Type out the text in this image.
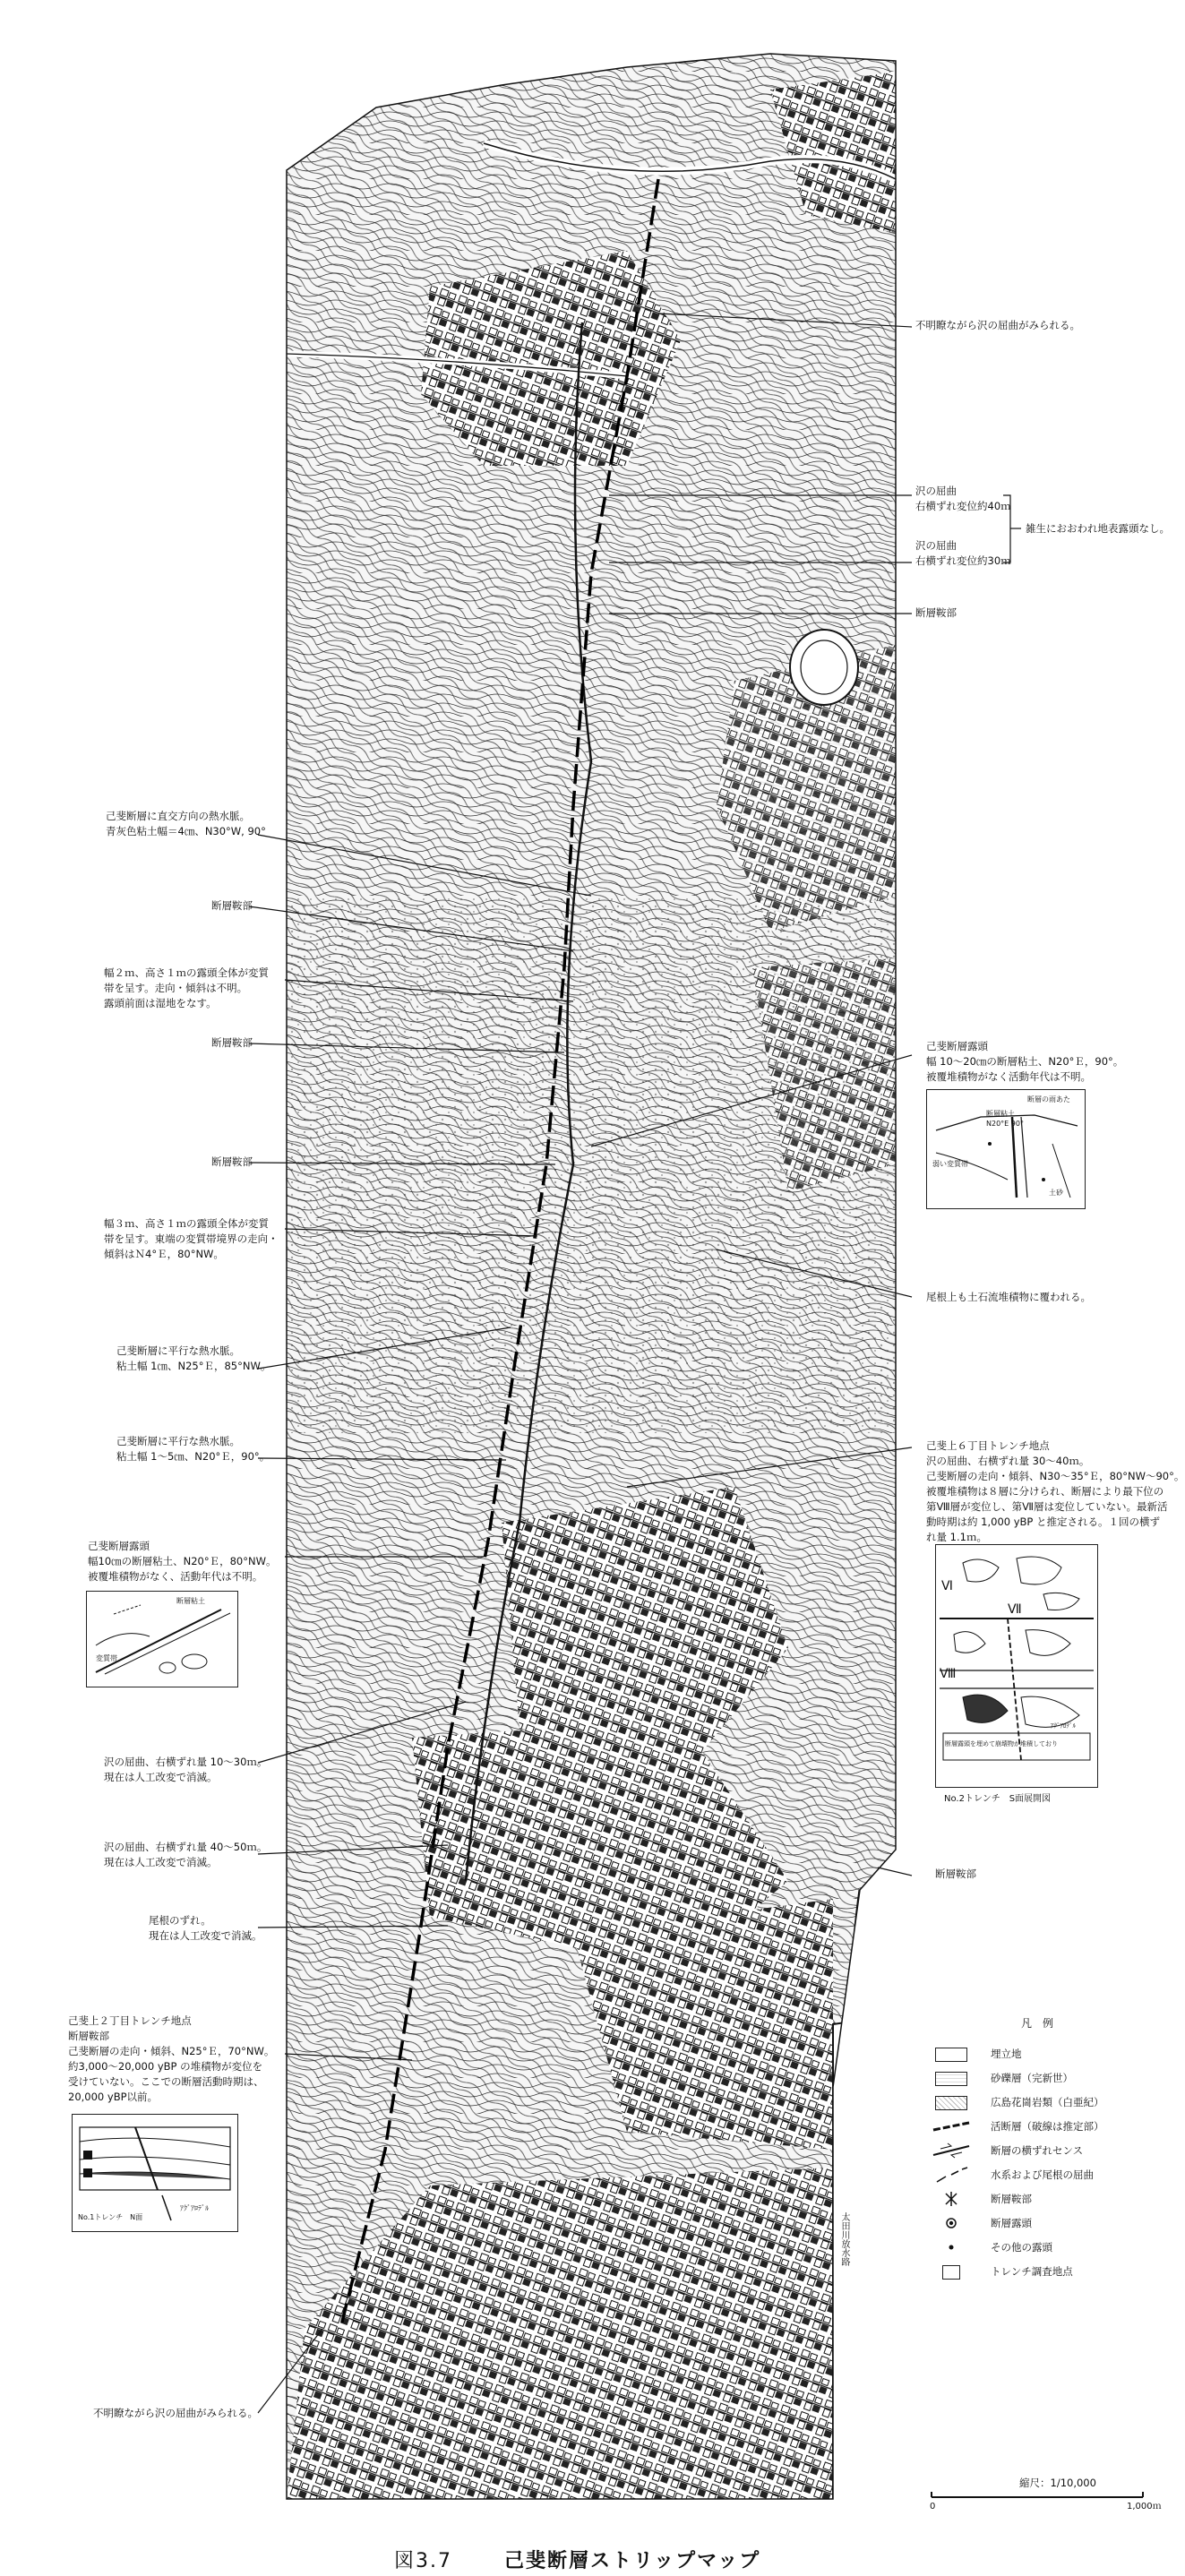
不明瞭ながら沢の屈曲がみられる。
沢の屈曲
右横ずれ変位約40ｍ
沢の屈曲
右横ずれ変位約30ｍ
雑生におおわれ地表露頭なし。
断層鞍部
己斐断層露頭
幅 10～20㎝の断層粘土、N20°Ｅ，90°。
被覆堆積物がなく活動年代は不明。
断層粘土
N20°E 90°
土砂
弱い変質帯
断層の雨あた
尾根上も土石流堆積物に覆われる。
己斐上６丁目トレンチ地点
沢の屈曲、右横ずれ量 30～40ｍ。
己斐断層の走向・傾斜、N30～35°Ｅ，80°NW～90°。
被覆堆積物は８層に分けられ、断層により最下位の
第Ⅷ層が変位し、第Ⅶ層は変位していない。最新活
動時期は約 1,000 yBP と推定される。１回の横ず
れ量 1.1ｍ。
Ⅵ
Ⅶ
Ⅷ
断層露頭を埋めて崩壊物が堆積しており
ｱｸﾞｱﾛﾃﾞﾙ
No.2トレンチ　S面展開図
断層鞍部
己斐断層に直交方向の熱水脈。
青灰色粘土幅＝4㎝、N30°W, 90°
断層鞍部
幅２ｍ、高さ１ｍの露頭全体が変質
帯を呈す。走向・傾斜は不明。
露頭前面は湿地をなす。
断層鞍部
断層鞍部
幅３ｍ、高さ１ｍの露頭全体が変質
帯を呈す。東端の変質帯境界の走向・
傾斜はＮ4°Ｅ，80°NW。
己斐断層に平行な熱水脈。
粘土幅 1㎝、N25°Ｅ，85°NW。
己斐断層に平行な熱水脈。
粘土幅 1～5㎝、N20°Ｅ，90°。
己斐断層露頭
幅10㎝の断層粘土、N20°Ｅ，80°NW。
被覆堆積物がなく、活動年代は不明。
断層粘土
変質帯
沢の屈曲、右横ずれ量 10～30ｍ。
現在は人工改変で消滅。
沢の屈曲、右横ずれ量 40～50ｍ。
現在は人工改変で消滅。
尾根のずれ。
現在は人工改変で消滅。
己斐上２丁目トレンチ地点
断層鞍部
己斐断層の走向・傾斜、N25°Ｅ，70°NW。
約3,000～20,000 yBP の堆積物が変位を
受けていない。ここでの断層活動時期は、
20,000 yBP以前。
No.1トレンチ　N面
ｱｸﾞｱﾛﾃﾞﾙ
不明瞭ながら沢の屈曲がみられる。
太田川放水路
凡　例
埋立地
砂礫層（完新世）
広島花崗岩類（白亜紀）
活断層（破線は推定部）
断層の横ずれセンス
水系および尾根の屈曲
断層鞍部
断層露頭
その他の露頭
トレンチ調査地点
縮尺：1/10,000
0	1,000ｍ
図3.7	己斐断層ストリップマップ
